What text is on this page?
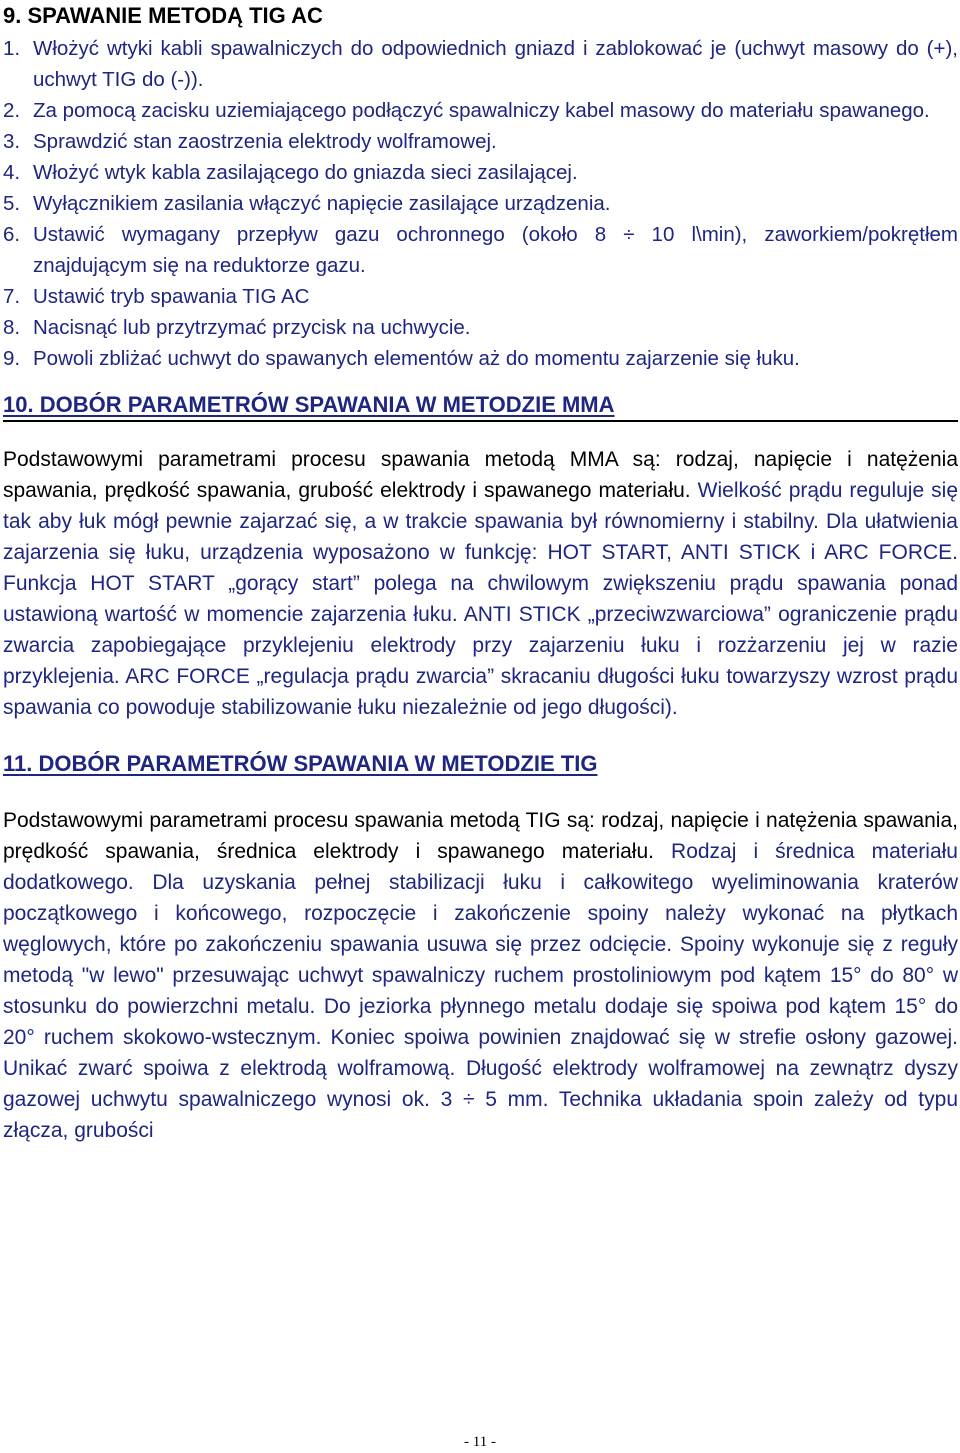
9. SPAWANIE METODĄ TIG AC
1. Włożyć wtyki kabli spawalniczych do odpowiednich gniazd i zablokować je (uchwyt masowy do (+), uchwyt TIG do (-)).
2. Za pomocą zacisku uziemiającego podłączyć spawalniczy kabel masowy do materiału spawanego.
3. Sprawdzić stan zaostrzenia elektrody wolframowej.
4. Włożyć wtyk kabla zasilającego do gniazda sieci zasilającej.
5. Wyłącznikiem zasilania włączyć napięcie zasilające urządzenia.
6. Ustawić wymagany przepływ gazu ochronnego (około 8 ÷ 10 l\min), zaworkiem/pokrętłem znajdującym się na reduktorze gazu.
7. Ustawić tryb spawania TIG AC
8. Nacisnąć lub przytrzymać przycisk na uchwycie.
9. Powoli zbliżać uchwyt do spawanych elementów aż do momentu zajarzenie się łuku.
10. DOBÓR PARAMETRÓW SPAWANIA W METODZIE MMA

Podstawowymi parametrami procesu spawania metodą MMA są: rodzaj, napięcie i natężenia spawania, prędkość spawania, grubość elektrody i spawanego materiału. Wielkość prądu reguluje się tak aby łuk mógł pewnie zajarzać się, a w trakcie spawania był równomierny i stabilny. Dla ułatwienia zajarzenia się łuku, urządzenia wyposażono w funkcję: HOT START, ANTI STICK i ARC FORCE. Funkcja HOT START „gorący start” polega na chwilowym zwiększeniu prądu spawania ponad ustawioną wartość w momencie zajarzenia łuku. ANTI STICK „przeciwzwarciowa” ograniczenie prądu zwarcia zapobiegające przyklejeniu elektrody przy zajarzeniu łuku i rozżarzeniu jej w razie przyklejenia. ARC FORCE „regulacja prądu zwarcia” skracaniu długości łuku towarzyszy wzrost prądu spawania co powoduje stabilizowanie łuku niezależnie od jego długości).

11. DOBÓR PARAMETRÓW SPAWANIA W METODZIE TIG

Podstawowymi parametrami procesu spawania metodą TIG są: rodzaj, napięcie i natężenia spawania, prędkość spawania, średnica elektrody i spawanego materiału. Rodzaj i średnica materiału dodatkowego. Dla uzyskania pełnej stabilizacji łuku i całkowitego wyeliminowania kraterów początkowego i końcowego, rozpoczęcie i zakończenie spoiny należy wykonać na płytkach węglowych, które po zakończeniu spawania usuwa się przez odcięcie. Spoiny wykonuje się z reguły metodą "w lewo" przesuwając uchwyt spawalniczy ruchem prostoliniowym pod kątem 15° do 80° w stosunku do powierzchni metalu. Do jeziorka płynnego metalu dodaje się spoiwa pod kątem 15° do 20° ruchem skokowo-wstecznym. Koniec spoiwa powinien znajdować się w strefie osłony gazowej. Unikać zwarć spoiwa z elektrodą wolframową. Długość elektrody wolframowej na zewnątrz dyszy gazowej uchwytu spawalniczego wynosi ok. 3 ÷ 5 mm. Technika układania spoin zależy od typu złącza, grubości

- 11 -
